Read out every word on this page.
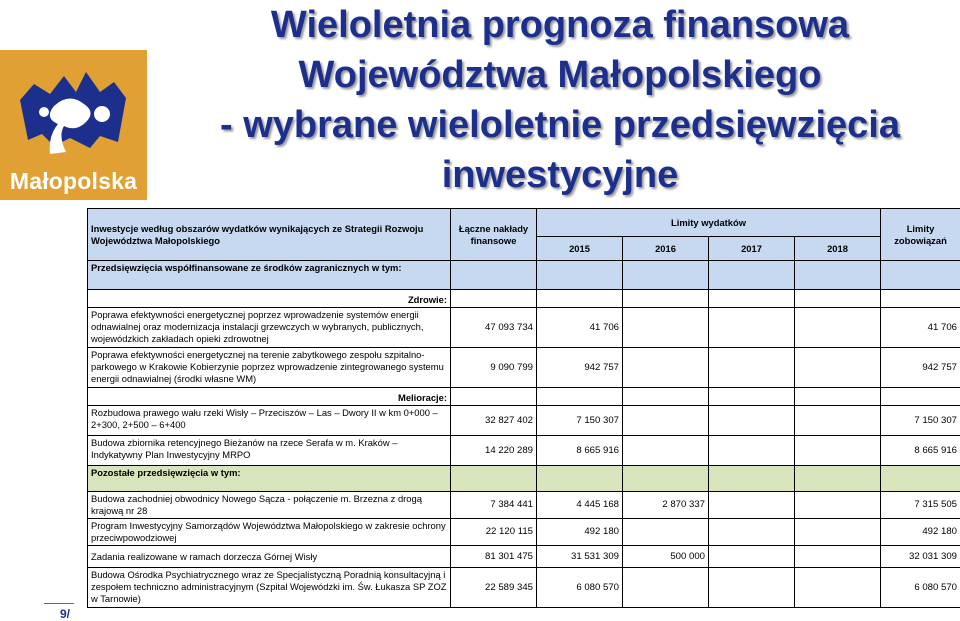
Małopolska
Wieloletnia prognoza finansowa
Województwa Małopolskiego
- wybrane wieloletnie przedsięwzięcia
inwestycyjne
Inwestycje według obszarów wydatków wynikających ze Strategii Rozwoju Województwa Małopolskiego	Łączne nakłady finansowe	Limity wydatków				Limity zobowiązań
		2015	2016	2017	2018	
Przedsięwzięcia współfinansowane ze środków zagranicznych w tym:						
Zdrowie:						
Poprawa efektywności energetycznej poprzez wprowadzenie systemów energii odnawialnej oraz modernizacja instalacji grzewczych w wybranych, publicznych, wojewódzkich zakładach opieki zdrowotnej	47 093 734	41 706				41 706
Poprawa efektywności energetycznej na terenie zabytkowego zespołu szpitalno-parkowego w Krakowie Kobierzynie poprzez wprowadzenie zintegrowanego systemu energii odnawialnej (środki własne WM)	9 090 799	942 757				942 757
Melioracje:						
Rozbudowa prawego wału rzeki Wisły – Przeciszów – Las – Dwory II w km 0+000 – 2+300, 2+500 – 6+400	32 827 402	7 150 307				7 150 307
Budowa zbiornika retencyjnego Bieżanów na rzece Serafa w m. Kraków – Indykatywny Plan Inwestycyjny MRPO	14 220 289	8 665 916				8 665 916
Pozostałe przedsięwzięcia w tym:						
Budowa zachodniej obwodnicy Nowego Sącza - połączenie m. Brzezna z drogą krajową nr 28	7 384 441	4 445 168	2 870 337			7 315 505
Program Inwestycyjny Samorządów Województwa Małopolskiego w zakresie ochrony przeciwpowodziowej	22 120 115	492 180				492 180
Zadania realizowane w ramach dorzecza Górnej Wisły	81 301 475	31 531 309	500 000			32 031 309
Budowa Ośrodka Psychiatrycznego wraz ze Specjalistyczną Poradnią konsultacyjną i zespołem techniczno administracyjnym (Szpital Wojewódzki im. Św. Łukasza SP ZOZ w Tarnowie)	22 589 345	6 080 570				6 080 570
9/
